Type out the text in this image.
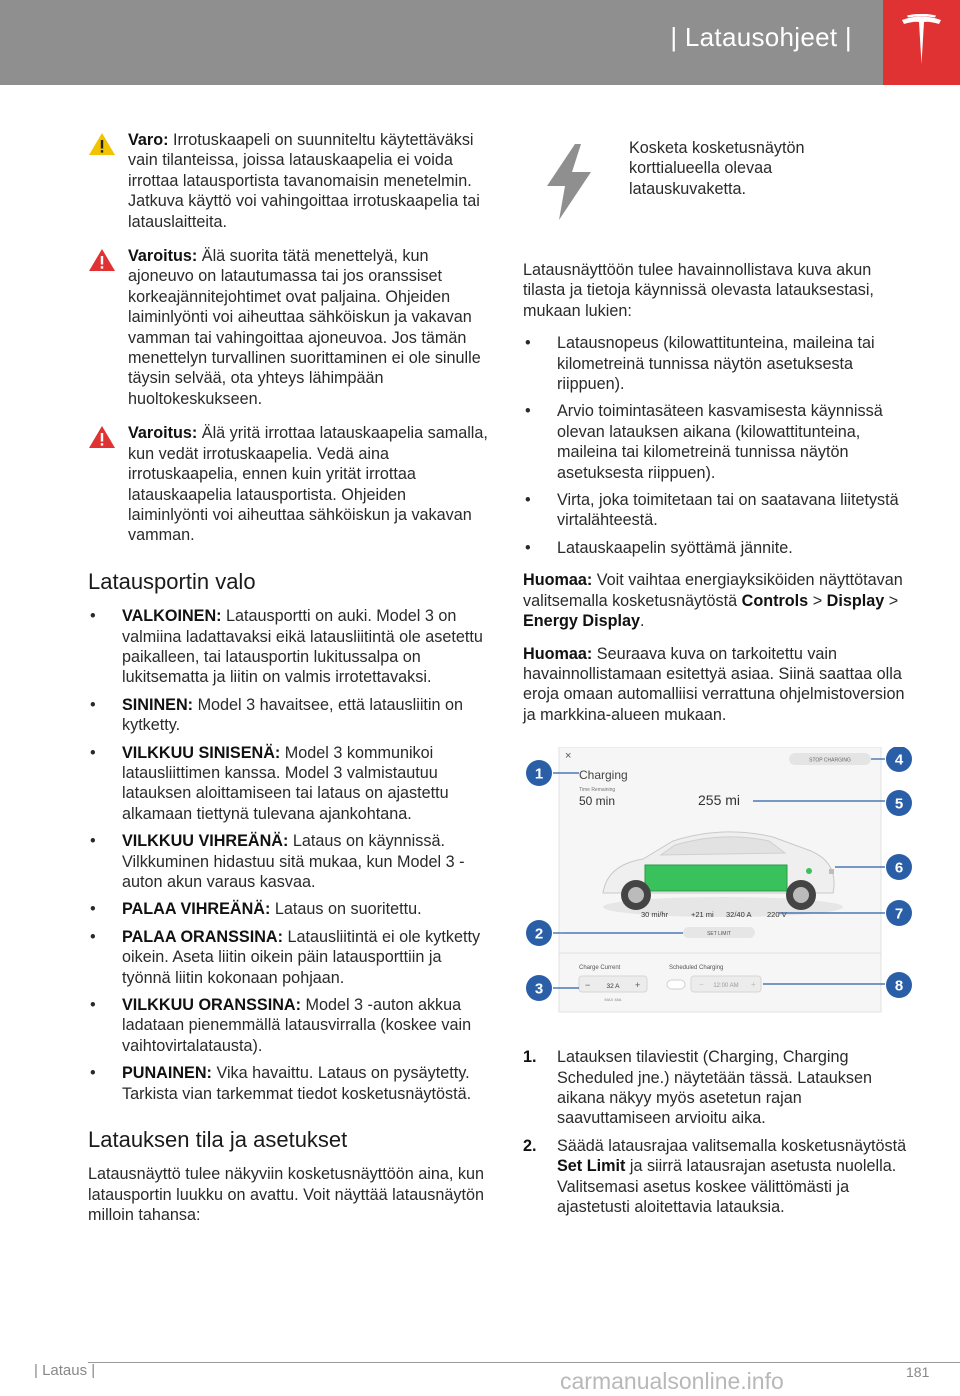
| Latausohjeet |
Varo: Irrotuskaapeli on suunniteltu käytettäväksi vain tilanteissa, joissa latauskaapelia ei voida irrottaa latausportista tavanomaisin menetelmin. Jatkuva käyttö voi vahingoittaa irrotuskaapelia tai latauslaitteita.
Varoitus: Älä suorita tätä menettelyä, kun ajoneuvo on latautumassa tai jos oranssiset korkeajännitejohtimet ovat paljaina. Ohjeiden laiminlyönti voi aiheuttaa sähköiskun ja vakavan vamman tai vahingoittaa ajoneuvoa. Jos tämän menettelyn turvallinen suorittaminen ei ole sinulle täysin selvää, ota yhteys lähimpään huoltokeskukseen.
Varoitus: Älä yritä irrottaa latauskaapelia samalla, kun vedät irrotuskaapelia. Vedä aina irrotuskaapelia, ennen kuin yrität irrottaa latauskaapelia latausportista. Ohjeiden laiminlyönti voi aiheuttaa sähköiskun ja vakavan vamman.
Latausportin valo
• VALKOINEN: Latausportti on auki. Model 3 on valmiina ladattavaksi eikä latausliitintä ole asetettu paikalleen, tai latausportin lukitussalpa on lukitsematta ja liitin on valmis irrotettavaksi.
• SININEN: Model 3 havaitsee, että latausliitin on kytketty.
• VILKKUU SINISENÄ: Model 3 kommunikoi latausliittimen kanssa. Model 3 valmistautuu latauksen aloittamiseen tai lataus on ajastettu alkamaan tiettynä tulevana ajankohtana.
• VILKKUU VIHREÄNÄ: Lataus on käynnissä. Vilkkuminen hidastuu sitä mukaa, kun Model 3 -auton akun varaus kasvaa.
• PALAA VIHREÄNÄ: Lataus on suoritettu.
• PALAA ORANSSINA: Latausliitintä ei ole kytketty oikein. Aseta liitin oikein päin latausporttiin ja työnnä liitin kokonaan pohjaan.
• VILKKUU ORANSSINA: Model 3 -auton akkua ladataan pienemmällä latausvirralla (koskee vain vaihtovirtalatausta).
• PUNAINEN: Vika havaittu. Lataus on pysäytetty. Tarkista vian tarkemmat tiedot kosketusnäytöstä.
Latauksen tila ja asetukset

Latausnäyttö tulee näkyviin kosketusnäyttöön aina, kun latausportin luukku on avattu. Voit näyttää latausnäytön milloin tahansa:

Kosketa kosketusnäytön korttialueella olevaa latauskuvaketta.

Latausnäyttöön tulee havainnollistava kuva akun tilasta ja tietoja käynnissä olevasta latauksestasi, mukaan lukien:

• Latausnopeus (kilowattitunteina, maileina tai kilometreinä tunnissa näytön asetuksesta riippuen).
• Arvio toimintasäteen kasvamisesta käynnissä olevan latauksen aikana (kilowattitunteina, maileina tai kilometreinä tunnissa näytön asetuksesta riippuen).
• Virta, joka toimitetaan tai on saatavana liitetystä virtalähteestä.
• Latauskaapelin syöttämä jännite.

Huomaa: Voit vaihtaa energiayksiköiden näyttötavan valitsemalla kosketusnäytöstä Controls > Display > Energy Display.

Huomaa: Seuraava kuva on tarkoitettu vain havainnollistamaan esitettyä asiaa. Siinä saattaa olla eroja omaan automalliisi verrattuna ohjelmistoversion ja markkina-alueen mukaan.

×
Charging
Time Remaining
50 min	255 mi
STOP CHARGING
30 mi/hr	+21 mi 32/40 A 220 V
SET LIMIT
Charge Current	Scheduled Charging
− 32 A +
MAX 48A
12:00 AM
−	+
1
2
3
4
5
6
7
8
1. Latauksen tilaviestit (Charging, Charging Scheduled jne.) näytetään tässä. Latauksen aikana näkyy myös asetetun rajan saavuttamiseen arvioitu aika.
2. Säädä latausrajaa valitsemalla kosketusnäytöstä Set Limit ja siirrä latausrajan asetusta nuolella. Valitsemasi asetus koskee välittömästi ja ajastetusti aloitettavia latauksia.
| Lataus |	181
carmanualsonline.info
